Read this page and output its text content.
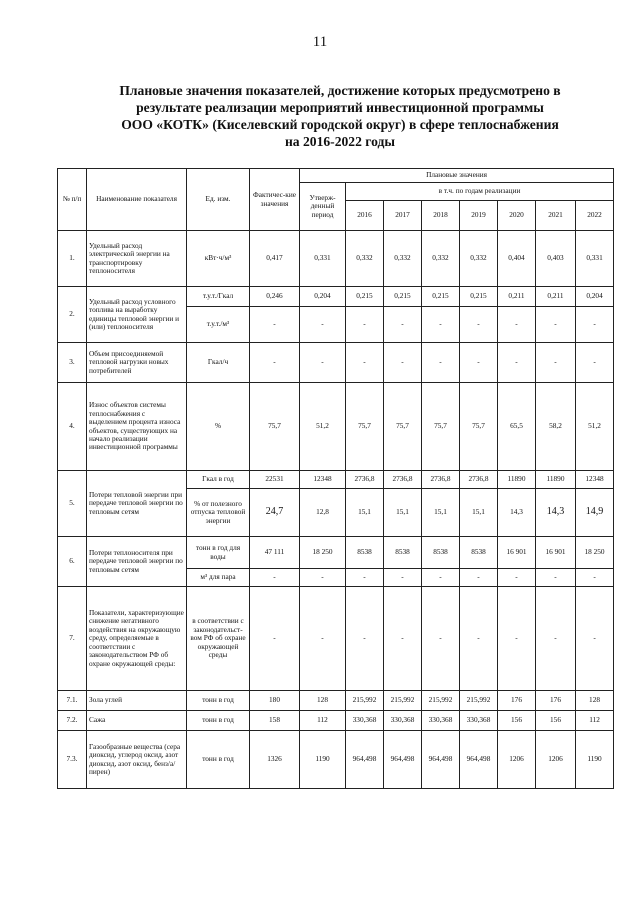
11
Плановые значения показателей, достижение которых предусмотрено в
результате реализации мероприятий инвестиционной программы
ООО «КОТК» (Киселевский городской округ) в сфере теплоснабжения
на 2016-2022 годы
№ п/п	Наименование показателя	Ед. изм.	Фактичес-кие значения	Плановые значения							
				Утверж-денный период	в т.ч. по годам реализации						
					2016	2017	2018	2019	2020	2021	2022
1.	Удельный расход электрической энергии на транспортировку теплоносителя	кВт·ч/м³	0,417	0,331	0,332	0,332	0,332	0,332	0,404	0,403	0,331
2.	Удельный расход условного топлива на выработку единицы тепловой энергии и (или) теплоносителя	т.у.т./Гкал	0,246	0,204	0,215	0,215	0,215	0,215	0,211	0,211	0,204
		т.у.т./м³	-	-	-	-	-	-	-	-	-
3.	Объем присоединяемой тепловой нагрузки новых потребителей	Гкал/ч	-	-	-	-	-	-	-	-	-
4.	Износ объектов системы теплоснабжения с выделением процента износа объектов, существующих на начало реализации инвестиционной программы	%	75,7	51,2	75,7	75,7	75,7	75,7	65,5	58,2	51,2
5.	Потери тепловой энергии при передаче тепловой энергии по тепловым сетям	Гкал в год	22531	12348	2736,8	2736,8	2736,8	2736,8	11890	11890	12348
		% от полезного отпуска тепловой энергии	24,7	12,8	15,1	15,1	15,1	15,1	14,3	14,3	14,9
6.	Потери теплоносителя при передаче тепловой энергии по тепловым сетям	тонн в год для воды	47 111	18 250	8538	8538	8538	8538	16 901	16 901	18 250
		м³ для пара	-	-	-	-	-	-	-	-	-
7.	Показатели, характеризующие снижение негативного воздействия на окружающую среду, определяемые в соответствии с законодательством РФ об охране окружающей среды:	в соответствии с законодательст-вом РФ об охране окружающей среды	-	-	-	-	-	-	-	-	-
7.1.	Зола углей	тонн в год	180	128	215,992	215,992	215,992	215,992	176	176	128
7.2.	Сажа	тонн в год	158	112	330,368	330,368	330,368	330,368	156	156	112
7.3.	Газообразные вещества (сера диоксид, углерод оксид, азот диоксид, азот оксид, бенз/а/пирен)	тонн в год	1326	1190	964,498	964,498	964,498	964,498	1206	1206	1190
